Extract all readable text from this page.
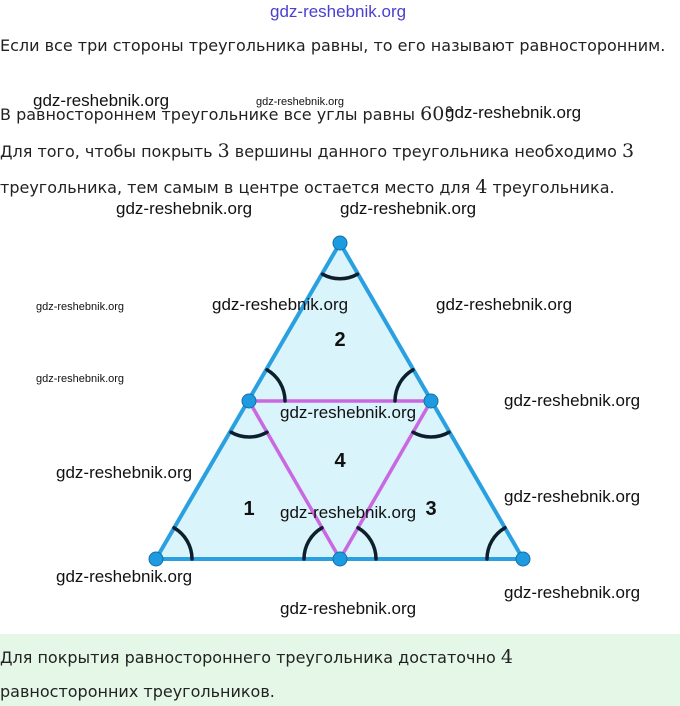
gdz-reshebnik.org
Если все три стороны треугольника равны, то его называют равносторонним.
В равностороннем треугольнике все углы равны 60°
Для того, чтобы покрыть 3 вершины данного треугольника необходимо 3
треугольника, тем самым в центре остается место для 4 треугольника.
2
4
1	3
gdz-reshebnik.org	gdz-reshebnik.org
gdz-reshebnik.org
gdz-reshebnik.org	gdz-reshebnik.org
gdz-reshebnik.org	gdz-reshebnik.org	gdz-reshebnik.org
gdz-reshebnik.org
gdz-reshebnik.org
gdz-reshebnik.org
gdz-reshebnik.org
gdz-reshebnik.org
gdz-reshebnik.org
gdz-reshebnik.org
gdz-reshebnik.org
gdz-reshebnik.org
Для покрытия равностороннего треугольника достаточно 4
равносторонних треугольников.
